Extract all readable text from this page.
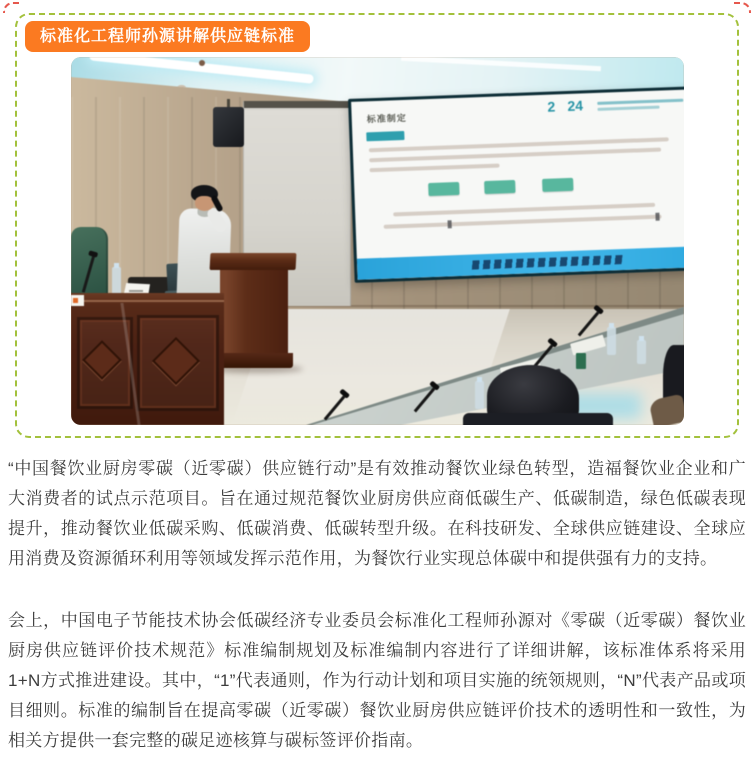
标准化工程师孙源讲解供应链标准
标准制定
2 24

“中国餐饮业厨房零碳（近零碳）供应链行动”是有效推动餐饮业绿色转型，造福餐饮业企业和广大消费者的试点示范项目。旨在通过规范餐饮业厨房供应商低碳生产、低碳制造，绿色低碳表现提升，推动餐饮业低碳采购、低碳消费、低碳转型升级。在科技研发、全球供应链建设、全球应用消费及资源循环利用等领域发挥示范作用，为餐饮行业实现总体碳中和提供强有力的支持。

会上，中国电子节能技术协会低碳经济专业委员会标准化工程师孙源对《零碳（近零碳）餐饮业厨房供应链评价技术规范》标准编制规划及标准编制内容进行了详细讲解，该标准体系将采用1+N方式推进建设。其中，“1”代表通则，作为行动计划和项目实施的统领规则，“N”代表产品或项目细则。标准的编制旨在提高零碳（近零碳）餐饮业厨房供应链评价技术的透明性和一致性，为相关方提供一套完整的碳足迹核算与碳标签评价指南。
